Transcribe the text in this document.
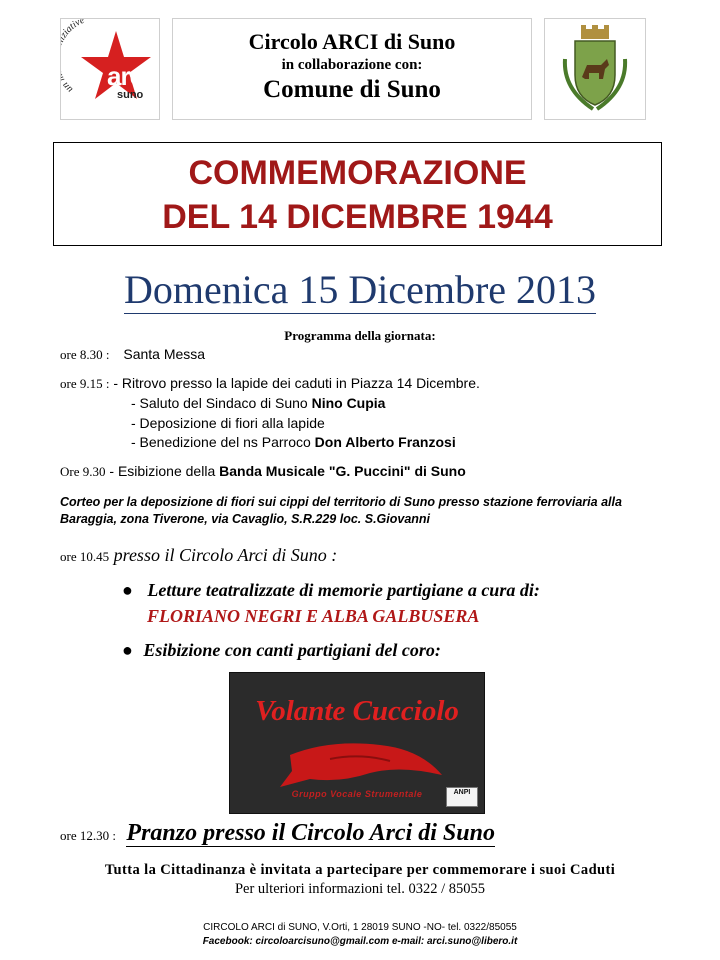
un iative
arci
suno
Circolo ARCI di Suno
in collaborazione con:
Comune di Suno
COMMEMORAZIONE
DEL 14 DICEMBRE 1944
Domenica 15 Dicembre 2013
Programma della giornata:
ore 8.30 : Santa Messa
ore 9.15 : - Ritrovo presso la lapide dei caduti in Piazza 14 Dicembre.
- Saluto del Sindaco di Suno Nino Cupia
- Deposizione di fiori alla lapide
- Benedizione del ns Parroco Don Alberto Franzosi
Ore 9.30 - Esibizione della Banda Musicale "G. Puccini" di Suno
Corteo per la deposizione di fiori sui cippi del territorio di Suno presso stazione ferroviaria alla Baraggia, zona Tiverone, via Cavaglio, S.R.229 loc. S.Giovanni
ore 10.45 presso il Circolo Arci di Suno :
● Letture teatralizzate di memorie partigiane a cura di:
FLORIANO NEGRI E ALBA GALBUSERA
● Esibizione con canti partigiani del coro:
Volante Cucciolo
Gruppo Vocale Strumentale	ANPI
ore 12.30 : Pranzo presso il Circolo Arci di Suno
Tutta la Cittadinanza è invitata a partecipare per commemorare i suoi Caduti
Per ulteriori informazioni tel. 0322 / 85055
CIRCOLO ARCI di SUNO, V.Orti, 1 28019 SUNO -NO- tel. 0322/85055
Facebook: circoloarcisuno@gmail.com e-mail: arci.suno@libero.it
